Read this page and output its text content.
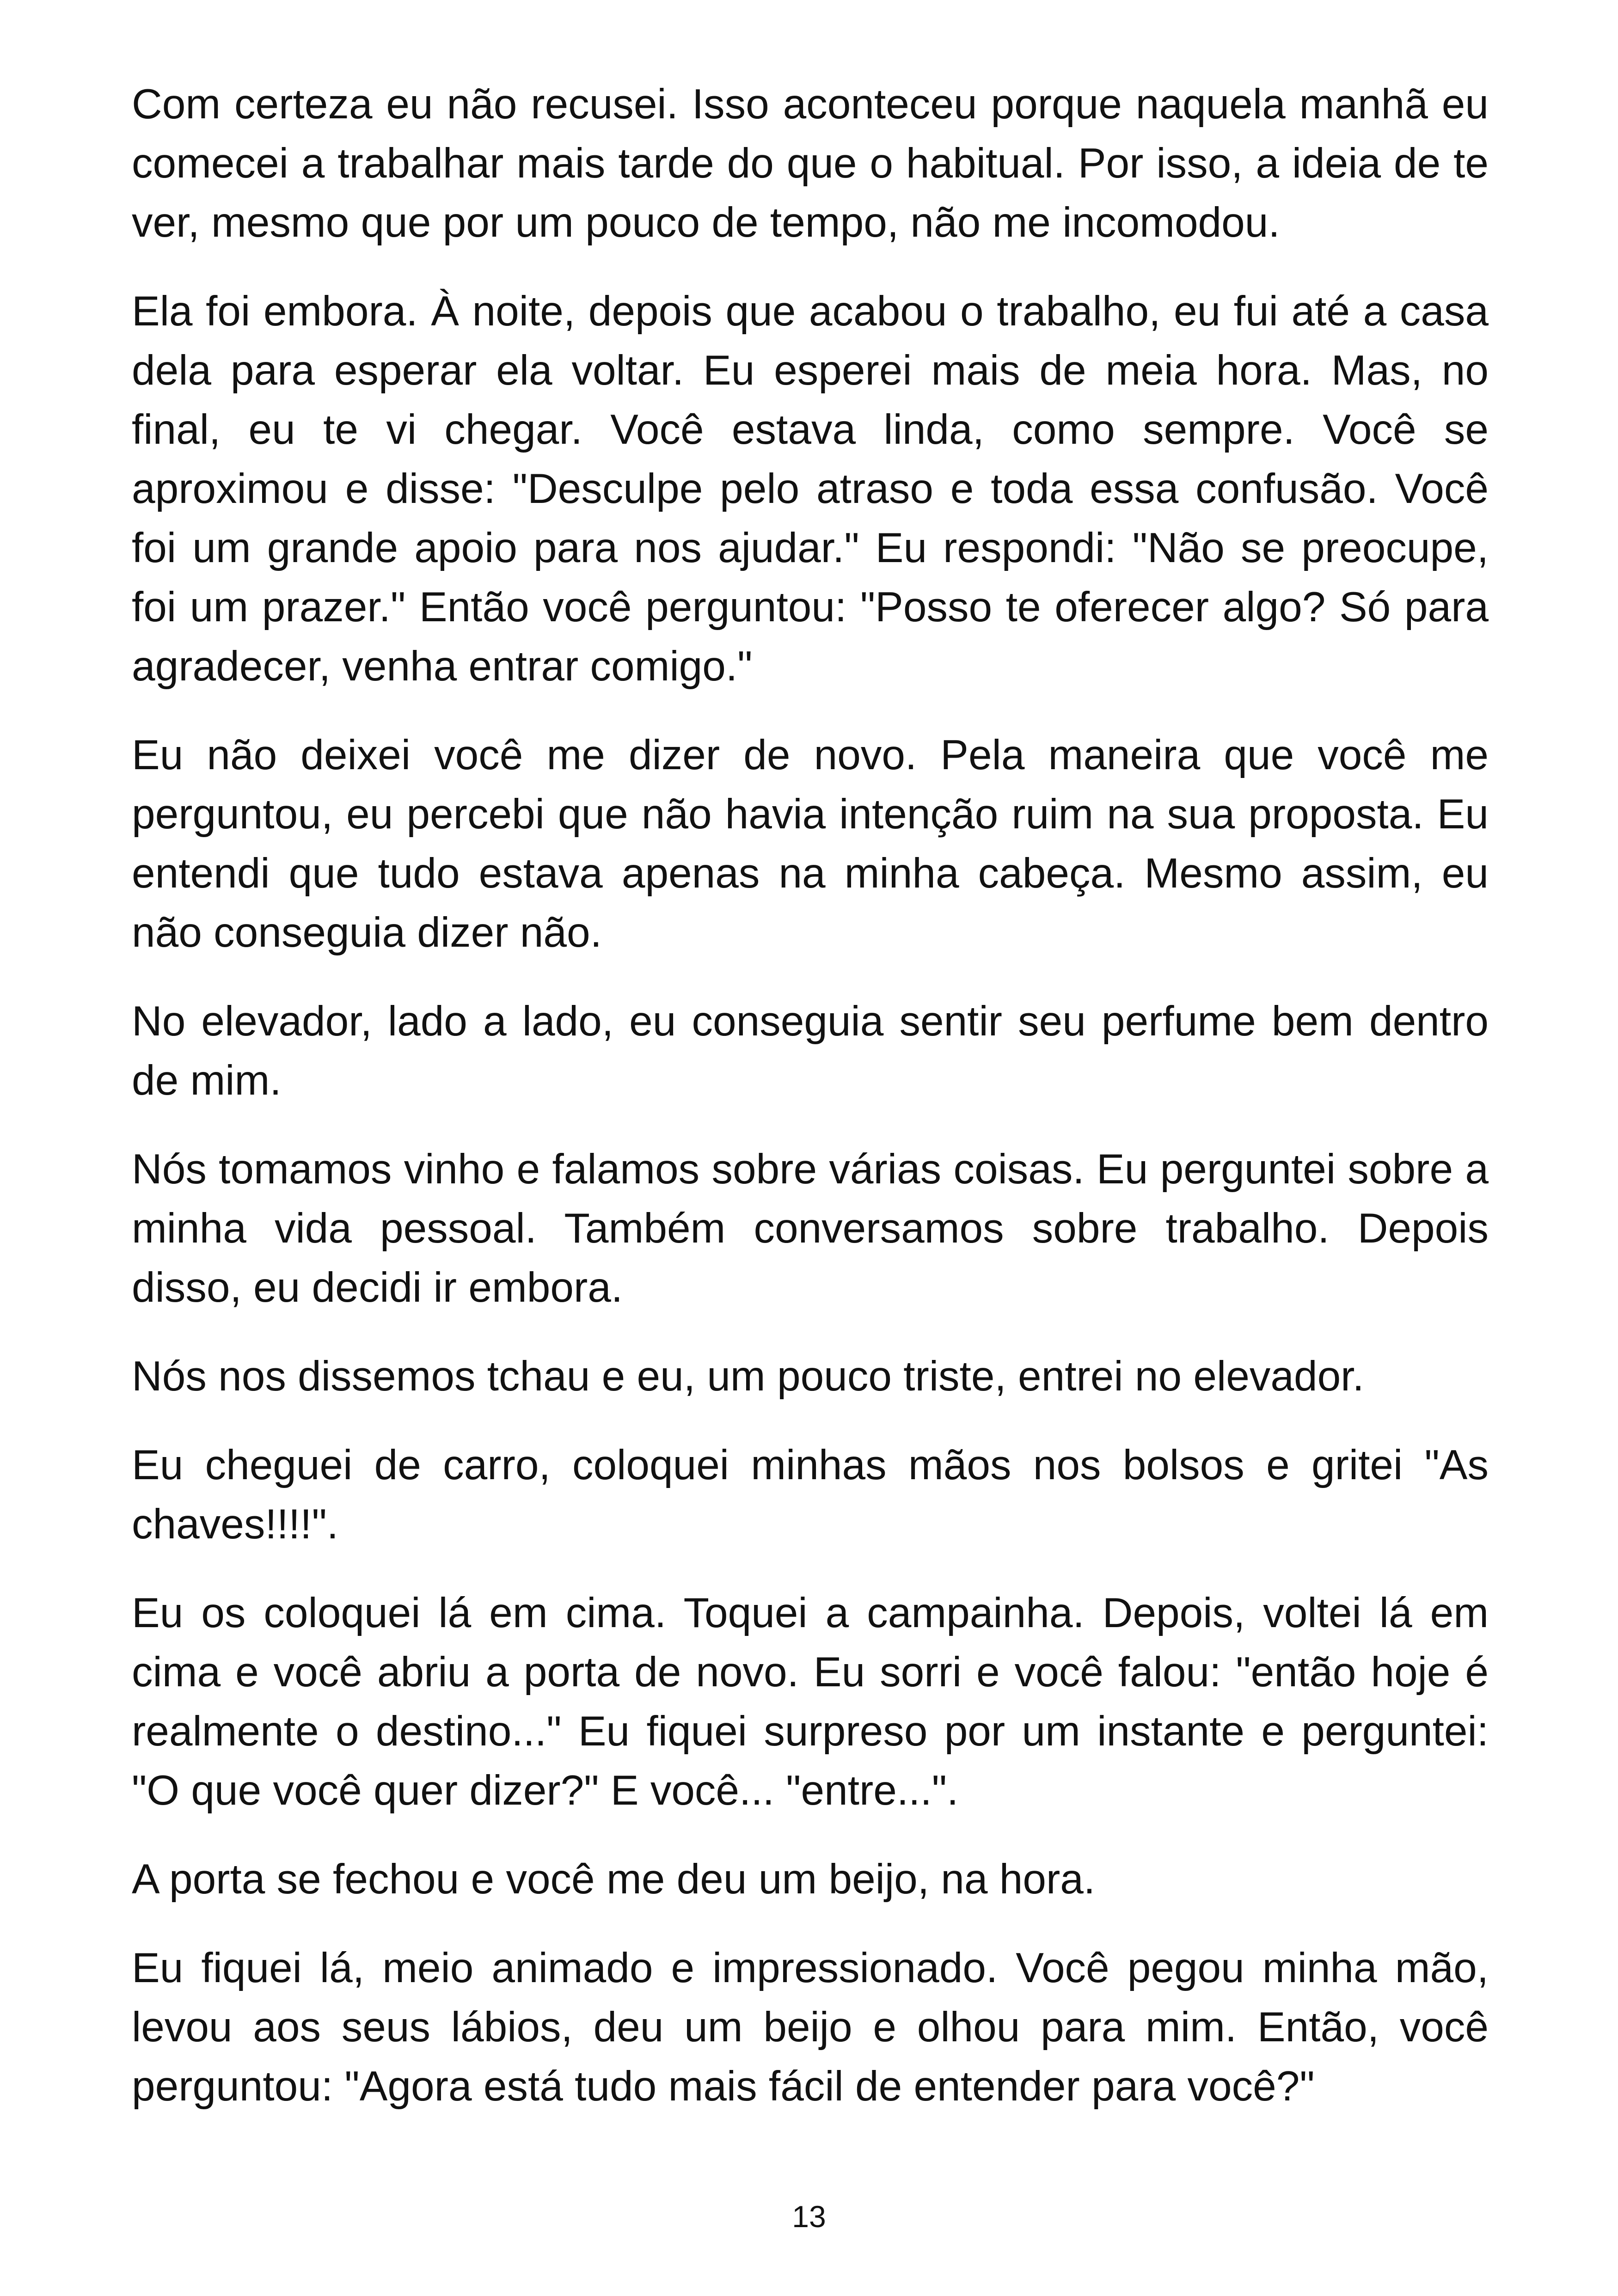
Com certeza eu não recusei. Isso aconteceu porque naquela manhã eu comecei a trabalhar mais tarde do que o habitual. Por isso, a ideia de te ver, mesmo que por um pouco de tempo, não me incomodou.

Ela foi embora. À noite, depois que acabou o trabalho, eu fui até a casa dela para esperar ela voltar. Eu esperei mais de meia hora. Mas, no final, eu te vi chegar. Você estava linda, como sempre. Você se aproximou e disse: "Desculpe pelo atraso e toda essa confusão. Você foi um grande apoio para nos ajudar." Eu respondi: "Não se preocupe, foi um prazer." Então você perguntou: "Posso te oferecer algo? Só para agradecer, venha entrar comigo."

Eu não deixei você me dizer de novo. Pela maneira que você me perguntou, eu percebi que não havia intenção ruim na sua proposta. Eu entendi que tudo estava apenas na minha cabeça. Mesmo assim, eu não conseguia dizer não.

No elevador, lado a lado, eu conseguia sentir seu perfume bem dentro de mim.

Nós tomamos vinho e falamos sobre várias coisas. Eu perguntei sobre a minha vida pessoal. Também conversamos sobre trabalho. Depois disso, eu decidi ir embora.

Nós nos dissemos tchau e eu, um pouco triste, entrei no elevador.

Eu cheguei de carro, coloquei minhas mãos nos bolsos e gritei "As chaves!!!!".

Eu os coloquei lá em cima. Toquei a campainha. Depois, voltei lá em cima e você abriu a porta de novo. Eu sorri e você falou: "então hoje é realmente o destino..." Eu fiquei surpreso por um instante e perguntei: "O que você quer dizer?" E você... "entre...".

A porta se fechou e você me deu um beijo, na hora.

Eu fiquei lá, meio animado e impressionado. Você pegou minha mão, levou aos seus lábios, deu um beijo e olhou para mim. Então, você perguntou: "Agora está tudo mais fácil de entender para você?"

13
